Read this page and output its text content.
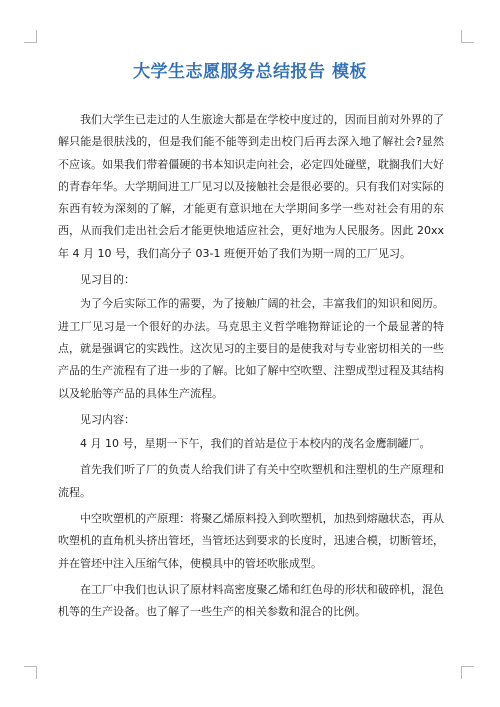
大学生志愿服务总结报告 模板

我们大学生已走过的人生旅途大都是在学校中度过的，因而目前对外界的了解只能是很肤浅的，但是我们能不能等到走出校门后再去深入地了解社会?显然不应该。如果我们带着僵硬的书本知识走向社会，必定四处碰壁，耽搁我们大好的青春年华。大学期间进工厂见习以及接触社会是很必要的。只有我们对实际的东西有较为深刻的了解，才能更有意识地在大学期间多学一些对社会有用的东西，从而我们走出社会后才能更快地适应社会，更好地为人民服务。因此 20xx 年 4 月 10 号，我们高分子 03-1 班便开始了我们为期一周的工厂见习。

见习目的：

为了今后实际工作的需要，为了接触广阔的社会，丰富我们的知识和阅历。进工厂见习是一个很好的办法。马克思主义哲学唯物辩证论的一个最显著的特点，就是强调它的实践性。这次见习的主要目的是使我对与专业密切相关的一些产品的生产流程有了进一步的了解。比如了解中空吹塑、注塑成型过程及其结构以及轮胎等产品的具体生产流程。

见习内容：

4 月 10 号，星期一下午，我们的首站是位于本校内的茂名金鹰制罐厂。

首先我们听了厂的负责人给我们讲了有关中空吹塑机和注塑机的生产原理和流程。

中空吹塑机的产原理：将聚乙烯原料投入到吹塑机，加热到熔融状态，再从吹塑机的直角机头挤出管坯，当管坯达到要求的长度时，迅速合模，切断管坯，并在管坯中注入压缩气体，使模具中的管坯吹胀成型。

在工厂中我们也认识了原材料高密度聚乙烯和红色母的形状和破碎机，混色机等的生产设备。也了解了一些生产的相关参数和混合的比例。
